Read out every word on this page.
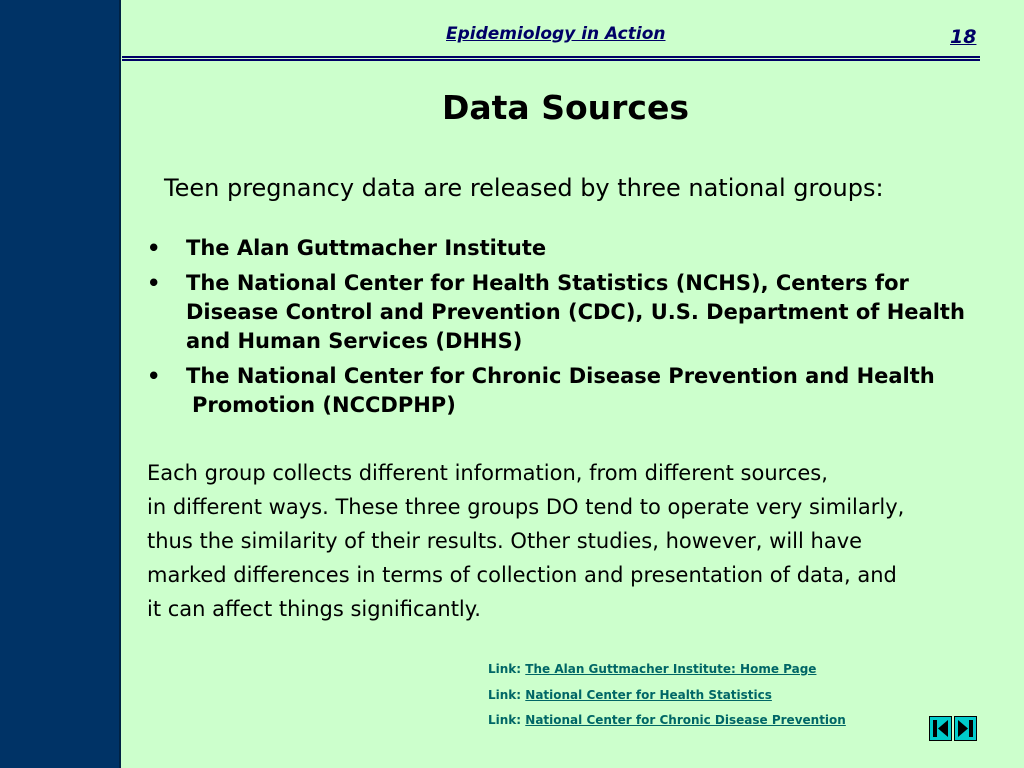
Epidemiology in Action	18
Data Sources
Teen pregnancy data are released by three national groups:
• The Alan Guttmacher Institute
• The National Center for Health Statistics (NCHS), Centers for
Disease Control and Prevention (CDC), U.S. Department of Health
and Human Services (DHHS)
• The National Center for Chronic Disease Prevention and Health
Promotion (NCCDPHP)
Each group collects different information, from different sources,
in different ways. These three groups DO tend to operate very similarly,
thus the similarity of their results. Other studies, however, will have
marked differences in terms of collection and presentation of data, and
it can affect things significantly.
Link: The Alan Guttmacher Institute: Home Page
Link: National Center for Health Statistics
Link: National Center for Chronic Disease Prevention
